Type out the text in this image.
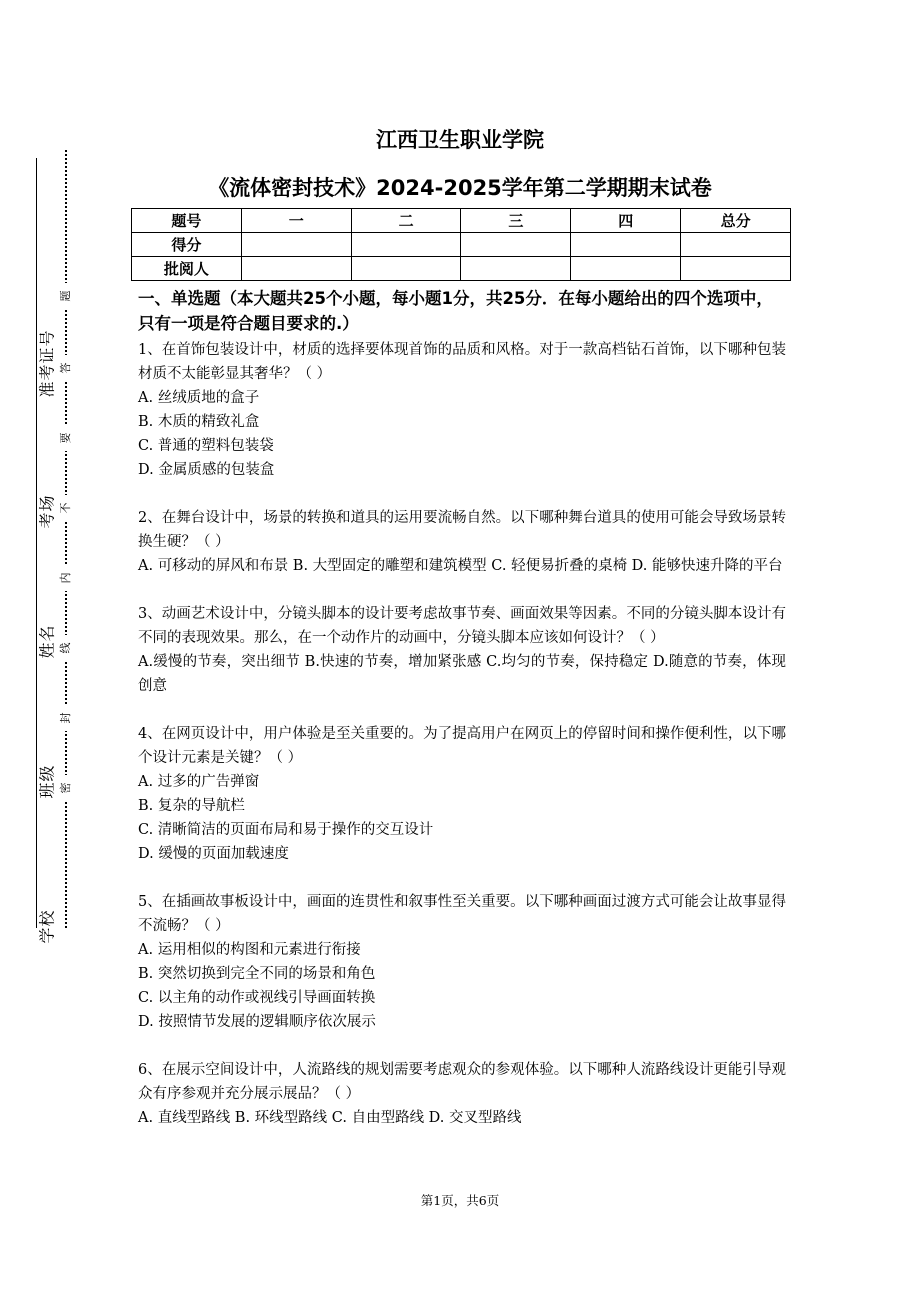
准考证号
考场
姓名
班级
学校
题
答
要
不
内
线
封
密
江西卫生职业学院
《流体密封技术》2024-2025学年第二学期期末试卷
题号	一	二	三	四	总分
得分					
批阅人					

一、单选题（本大题共25个小题，每小题1分，共25分．在每小题给出的四个选项中，只有一项是符合题目要求的.）

1、在首饰包装设计中，材质的选择要体现首饰的品质和风格。对于一款高档钻石首饰，以下哪种包装材质不太能彰显其奢华？（ ）

A. 丝绒质地的盒子

B. 木质的精致礼盒

C. 普通的塑料包装袋

D. 金属质感的包装盒

2、在舞台设计中，场景的转换和道具的运用要流畅自然。以下哪种舞台道具的使用可能会导致场景转换生硬？（ ）

A. 可移动的屏风和布景 B. 大型固定的雕塑和建筑模型 C. 轻便易折叠的桌椅 D. 能够快速升降的平台

3、动画艺术设计中，分镜头脚本的设计要考虑故事节奏、画面效果等因素。不同的分镜头脚本设计有不同的表现效果。那么，在一个动作片的动画中，分镜头脚本应该如何设计？（ ）

A.缓慢的节奏，突出细节 B.快速的节奏，增加紧张感 C.均匀的节奏，保持稳定 D.随意的节奏，体现创意

4、在网页设计中，用户体验是至关重要的。为了提高用户在网页上的停留时间和操作便利性，以下哪个设计元素是关键？（ ）

A. 过多的广告弹窗

B. 复杂的导航栏

C. 清晰简洁的页面布局和易于操作的交互设计

D. 缓慢的页面加载速度

5、在插画故事板设计中，画面的连贯性和叙事性至关重要。以下哪种画面过渡方式可能会让故事显得不流畅？（ ）

A. 运用相似的构图和元素进行衔接

B. 突然切换到完全不同的场景和角色

C. 以主角的动作或视线引导画面转换

D. 按照情节发展的逻辑顺序依次展示

6、在展示空间设计中，人流路线的规划需要考虑观众的参观体验。以下哪种人流路线设计更能引导观众有序参观并充分展示展品？（ ）

A. 直线型路线 B. 环线型路线 C. 自由型路线 D. 交叉型路线

第1页，共6页
